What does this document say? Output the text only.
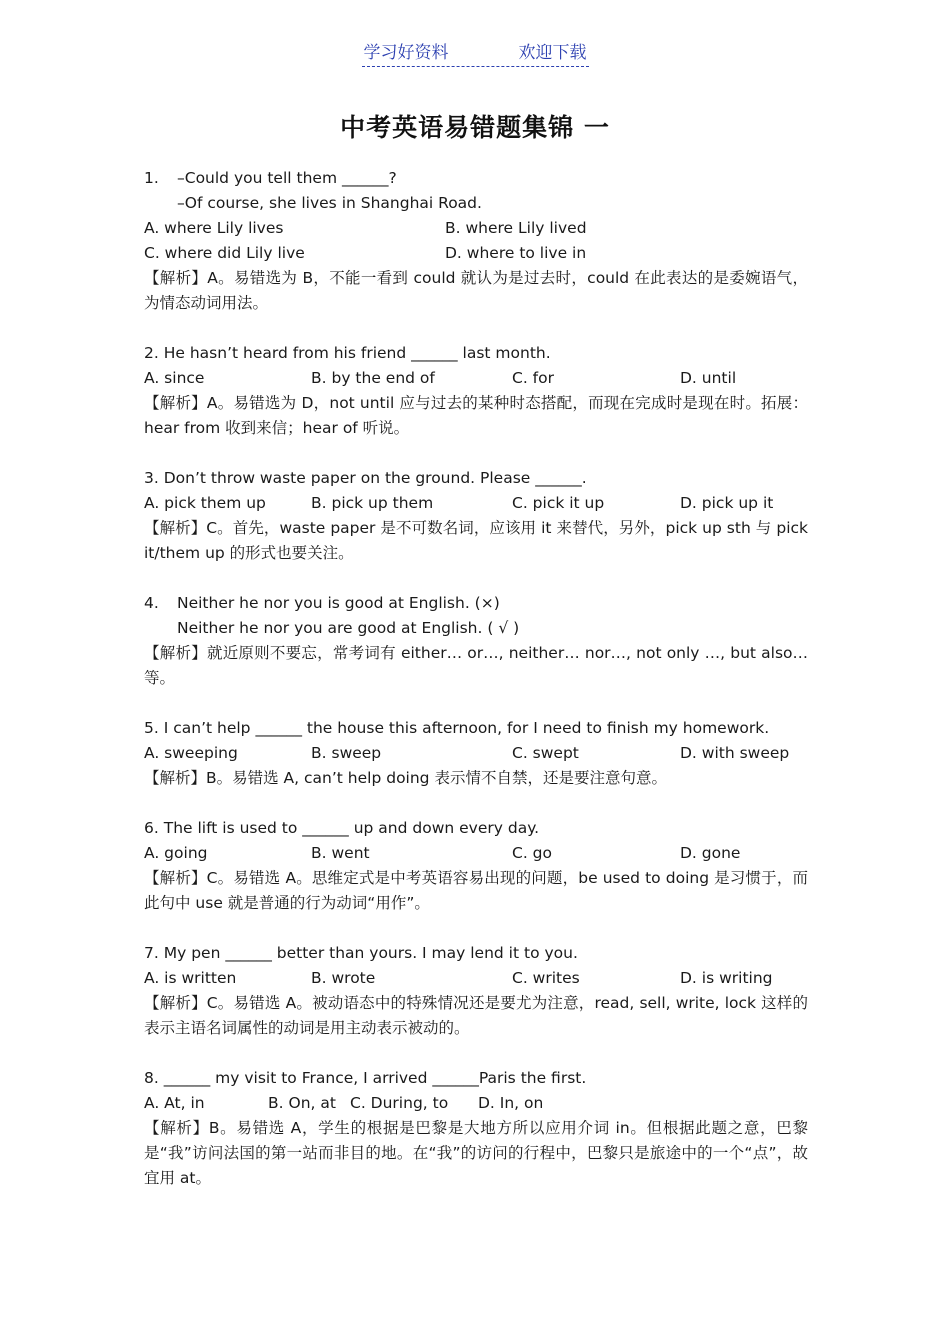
学习好资料	欢迎下载
中考英语易错题集锦 一
1. –Could you tell them ______?
–Of course, she lives in Shanghai Road.
A. where Lily lives	B. where Lily lived
C. where did Lily live	D. where to live in
【解析】A。易错选为 B，不能一看到 could 就认为是过去时，could 在此表达的是委婉语气，为情态动词用法。
2. He hasn’t heard from his friend ______ last month.
A. since	B. by the end of	C. for	D. until
【解析】A。易错选为 D，not until 应与过去的某种时态搭配，而现在完成时是现在时。拓展：hear from 收到来信；hear of 听说。
3. Don’t throw waste paper on the ground. Please ______.
A. pick them up	B. pick up them	C. pick it up	D. pick up it
【解析】C。首先，waste paper 是不可数名词，应该用 it 来替代，另外，pick up sth 与 pick it/them up 的形式也要关注。
4. Neither he nor you is good at English. (×)
Neither he nor you are good at English. ( √ )
【解析】就近原则不要忘，常考词有 either… or…, neither… nor…, not only …, but also… 等。
5. I can’t help ______ the house this afternoon, for I need to finish my homework.
A. sweeping	B. sweep	C. swept	D. with sweep
【解析】B。易错选 A, can’t help doing 表示情不自禁，还是要注意句意。
6. The lift is used to ______ up and down every day.
A. going	B. went	C. go	D. gone
【解析】C。易错选 A。思维定式是中考英语容易出现的问题，be used to doing 是习惯于，而此句中 use 就是普通的行为动词“用作”。
7. My pen ______ better than yours. I may lend it to you.
A. is written	B. wrote	C. writes	D. is writing
【解析】C。易错选 A。被动语态中的特殊情况还是要尤为注意，read, sell, write, lock 这样的表示主语名词属性的动词是用主动表示被动的。
8. ______ my visit to France, I arrived ______Paris the first.
A. At, in	B. On, at C. During, to D. In, on
【解析】B。易错选 A，学生的根据是巴黎是大地方所以应用介词 in。但根据此题之意，巴黎是“我”访问法国的第一站而非目的地。在“我”的访问的行程中，巴黎只是旅途中的一个“点”，故宜用 at。
